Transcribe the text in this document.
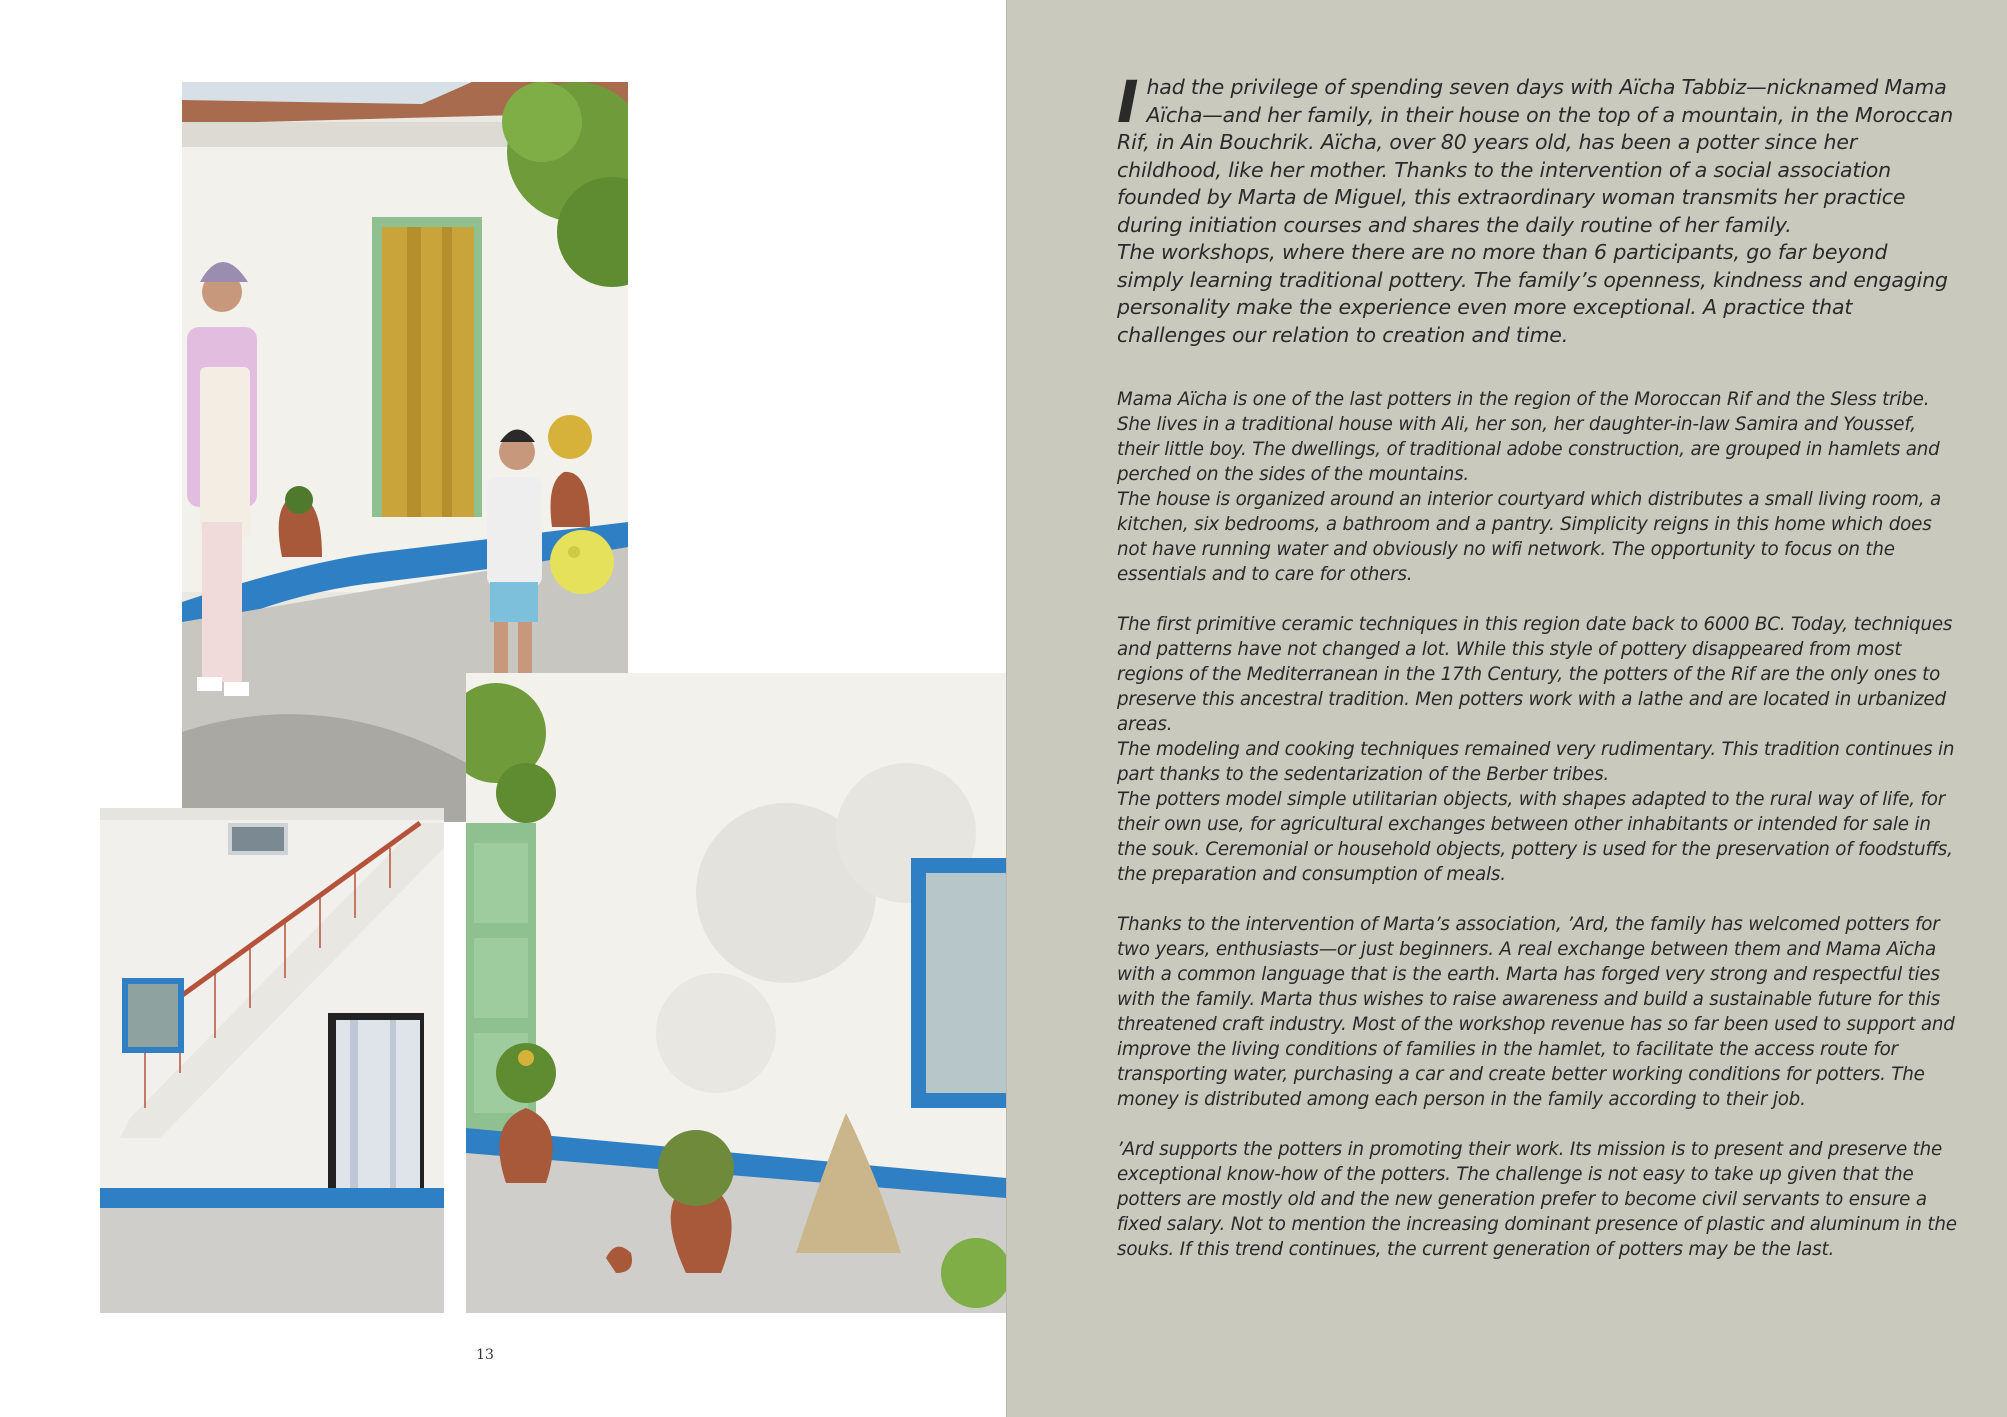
13
I had the privilege of spending seven days with Aïcha Tabbiz—nicknamed Mama Aïcha—and her family, in their house on the top of a mountain, in the Moroccan Rif, in Ain Bouchrik. Aïcha, over 80 years old, has been a potter since her childhood, like her mother. Thanks to the intervention of a social association founded by Marta de Miguel, this extraordinary woman transmits her practice during initiation courses and shares the daily routine of her family.

The workshops, where there are no more than 6 participants, go far beyond simply learning traditional pottery. The family’s openness, kindness and engaging personality make the experience even more exceptional. A practice that challenges our relation to creation and time.

Mama Aïcha is one of the last potters in the region of the Moroccan Rif and the Sless tribe. She lives in a traditional house with Ali, her son, her daughter-in-law Samira and Youssef, their little boy. The dwellings, of traditional adobe construction, are grouped in hamlets and perched on the sides of the mountains.

The house is organized around an interior courtyard which distributes a small living room, a kitchen, six bedrooms, a bathroom and a pantry. Simplicity reigns in this home which does not have running water and obviously no wifi network. The opportunity to focus on the essentials and to care for others.

The first primitive ceramic techniques in this region date back to 6000 BC. Today, techniques and patterns have not changed a lot. While this style of pottery disappeared from most regions of the Mediterranean in the 17th Century, the potters of the Rif are the only ones to preserve this ancestral tradition. Men potters work with a lathe and are located in urbanized areas.

The modeling and cooking techniques remained very rudimentary. This tradition continues in part thanks to the sedentarization of the Berber tribes.

The potters model simple utilitarian objects, with shapes adapted to the rural way of life, for their own use, for agricultural exchanges between other inhabitants or intended for sale in the souk. Ceremonial or household objects, pottery is used for the preservation of foodstuffs, the preparation and consumption of meals.

Thanks to the intervention of Marta’s association, ’Ard, the family has welcomed potters for two years, enthusiasts—or just beginners. A real exchange between them and Mama Aïcha with a common language that is the earth. Marta has forged very strong and respectful ties with the family. Marta thus wishes to raise awareness and build a sustainable future for this threatened craft industry. Most of the workshop revenue has so far been used to support and improve the living conditions of families in the hamlet, to facilitate the access route for transporting water, purchasing a car and create better working conditions for potters. The money is distributed among each person in the family according to their job.

’Ard supports the potters in promoting their work. Its mission is to present and preserve the exceptional know-how of the potters. The challenge is not easy to take up given that the potters are mostly old and the new generation prefer to become civil servants to ensure a fixed salary. Not to mention the increasing dominant presence of plastic and aluminum in the souks. If this trend continues, the current generation of potters may be the last.
